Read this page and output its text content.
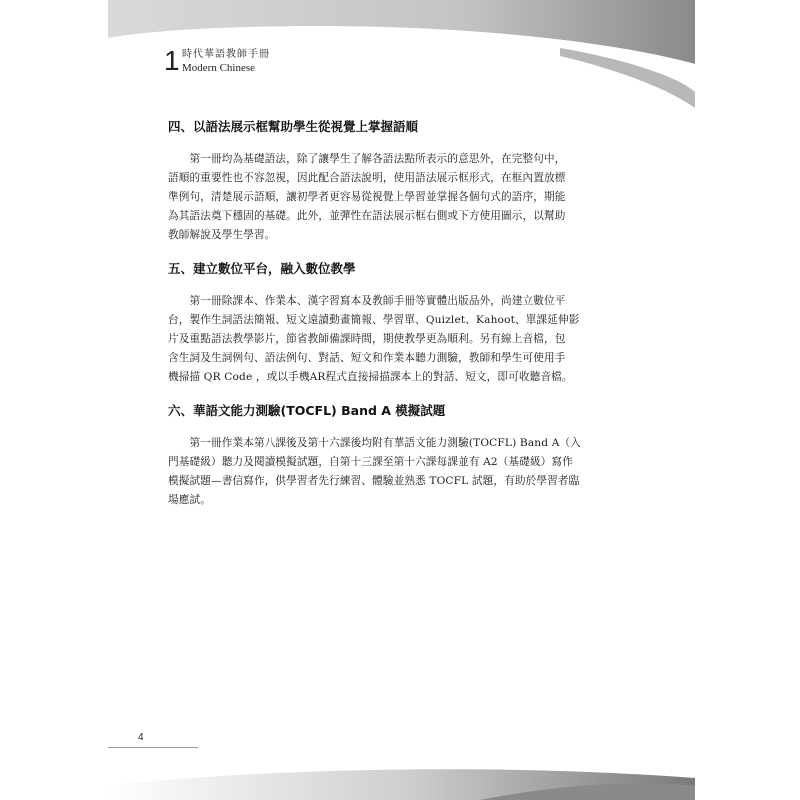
1 時代華語教師手冊
Modern Chinese
四、以語法展示框幫助學生從視覺上掌握語順

　　第一冊均為基礎語法，除了讓學生了解各語法點所表示的意思外，在完整句中，
語順的重要性也不容忽視，因此配合語法說明，使用語法展示框形式，在框內置放標
準例句，清楚展示語順，讓初學者更容易從視覺上學習並掌握各個句式的語序，期能
為其語法奠下穩固的基礎。此外，並彈性在語法展示框右側或下方使用圖示，以幫助
教師解說及學生學習。

五、建立數位平台，融入數位教學

　　第一冊除課本、作業本、漢字習寫本及教師手冊等實體出版品外，尚建立數位平
台，製作生詞語法簡報、短文遠讀動畫簡報、學習單、Quizlet、Kahoot、單課延伸影
片及重點語法教學影片，節省教師備課時間，期使教學更為順利。另有線上音檔，包
含生詞及生詞例句、語法例句、對話、短文和作業本聽力測驗，教師和學生可使用手
機掃描 QR Code ，或以手機AR程式直接掃描課本上的對話、短文，即可收聽音檔。

六、華語文能力測驗(TOCFL) Band A 模擬試題

　　第一冊作業本第八課後及第十六課後均附有華語文能力測驗(TOCFL) Band A（入
門基礎級）聽力及閱讀模擬試題，自第十三課至第十六課每課並有 A2（基礎級）寫作
模擬試題—書信寫作，供學習者先行練習、體驗並熟悉 TOCFL 試題，有助於學習者臨
場應試。

4
